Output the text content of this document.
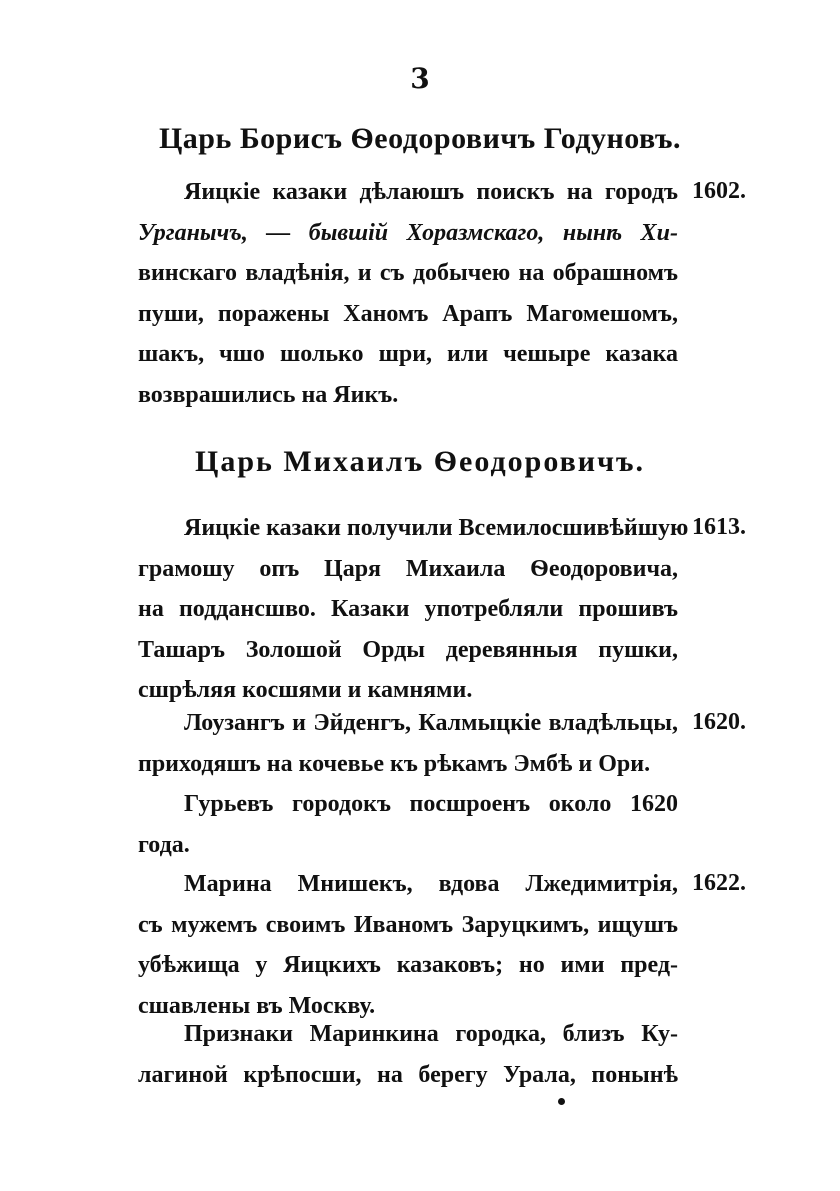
3
Царь Борисъ Ѳеодоровичъ Годуновъ.
Яицкіе казаки дѣлаюшъ поискъ на городъ
Урганычъ, — бывшій Хоразмскаго, нынѣ Хи-
винскаго владѣнія, и съ добычею на обрашномъ
пуши, поражены Ханомъ Арапъ Магомешомъ,
шакъ, чшо шолько шри, или чешыре казака
возврашились на Яикъ.
1602.
Царь Михаилъ Ѳеодоровичъ.
Яицкіе казаки получили Всемилосшивѣйшую
грамошу опъ Царя Михаила Ѳеодоровича,
на поддансшво. Казаки употребляли прошивъ
Ташаръ Золошой Орды деревянныя пушки,
сшрѣляя косшями и камнями.
1613.
Лоузангъ и Эйденгъ, Калмыцкіе владѣльцы,
приходяшъ на кочевье къ рѣкамъ Эмбѣ и Ори.
1620.
Гурьевъ городокъ посшроенъ около 1620
года.
Марина Мнишекъ, вдова Лжедимитрія,
съ мужемъ своимъ Иваномъ Заруцкимъ, ищушъ
убѣжища у Яицкихъ казаковъ; но ими пред-
сшавлены въ Москву.
1622.
Признаки Маринкина городка, близъ Ку-
лагиной крѣпосши, на берегу Урала, понынѣ
